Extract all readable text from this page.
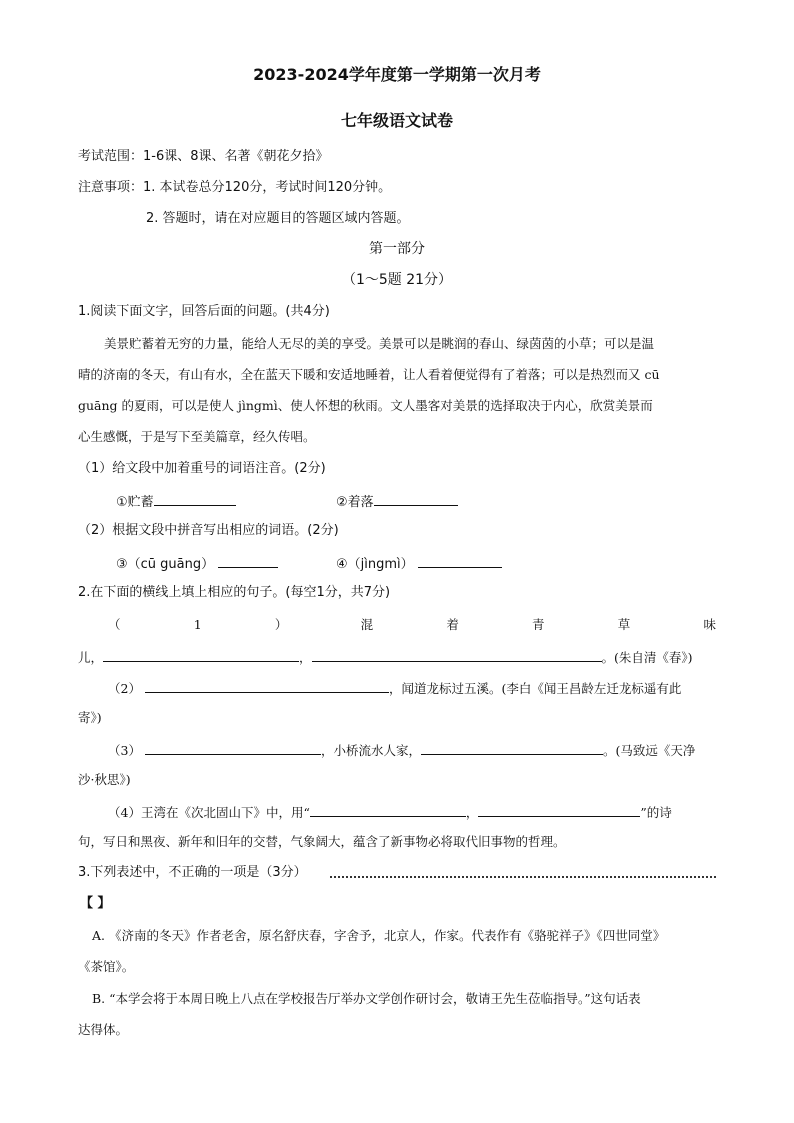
2023-2024学年度第一学期第一次月考
七年级语文试卷
考试范围：1-6课、8课、名著《朝花夕拾》
注意事项：1. 本试卷总分120分，考试时间120分钟。
2. 答题时，请在对应题目的答题区域内答题。
第一部分
（1～5题 21分）
1.阅读下面文字，回答后面的问题。(共4分)
美景贮蓄着无穷的力量，能给人无尽的美的享受。美景可以是眺润的春山、绿茵茵的小草；可以是温
晴的济南的冬天，有山有水，全在蓝天下暖和安适地睡着，让人看着便觉得有了着落；可以是热烈而又 cū
guāng 的夏雨，可以是使人 jìngmì、使人怀想的秋雨。文人墨客对美景的选择取决于内心，欣赏美景而
心生感慨，于是写下至美篇章，经久传唱。
（1）给文段中加着重号的词语注音。(2分)
①贮蓄	②着落
（2）根据文段中拼音写出相应的词语。(2分)
③（cū guāng）	④（jìngmì）
2.在下面的横线上填上相应的句子。(每空1分，共7分)
（	1	）	混	着	青	草	味
儿，	，	。(朱自清《春》)
（2）	，闻道龙标过五溪。(李白《闻王昌龄左迁龙标遥有此
寄》)
（3）	，小桥流水人家，	。(马致远《天净
沙·秋思》)
（4）王湾在《次北固山下》中，用“	，	”的诗
句，写日和黑夜、新年和旧年的交替，气象阔大，蕴含了新事物必将取代旧事物的哲理。
3.下列表述中，不正确的一项是（3分）
【 】
A. 《济南的冬天》作者老舍，原名舒庆春，字舍予，北京人，作家。代表作有《骆驼祥子》《四世同堂》
《茶馆》。
B. “本学会将于本周日晚上八点在学校报告厅举办文学创作研讨会，敬请王先生莅临指导。”这句话表
达得体。
